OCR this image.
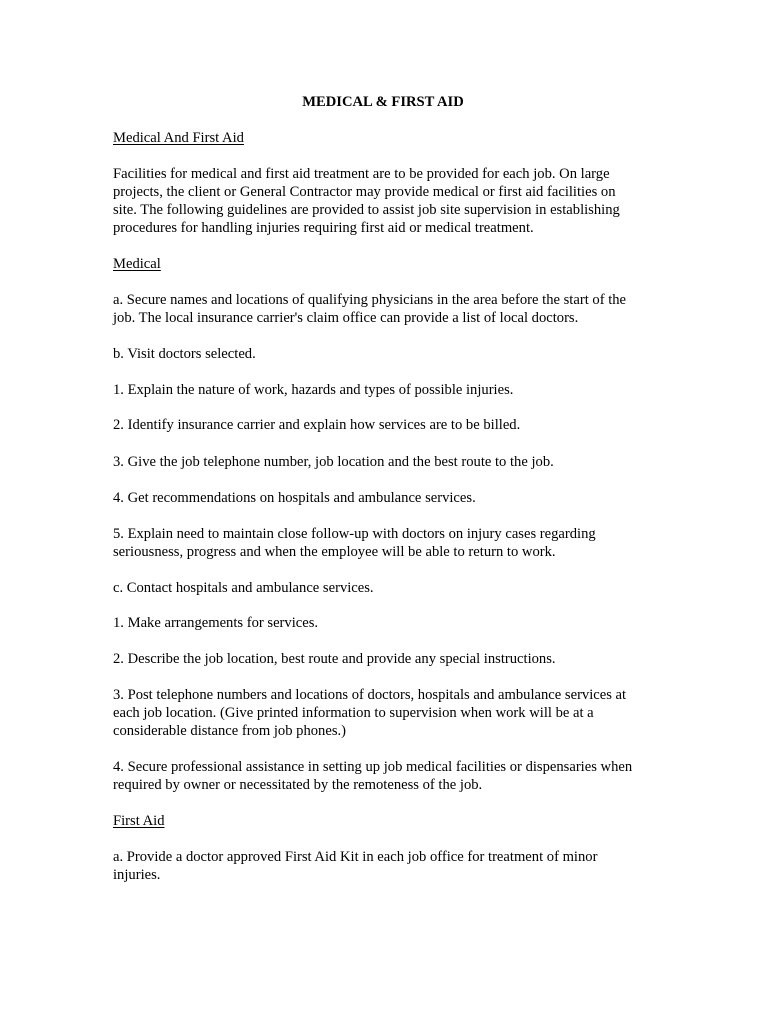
MEDICAL & FIRST AID
Medical And First Aid
Facilities for medical and first aid treatment are to be provided for each job. On large
projects, the client or General Contractor may provide medical or first aid facilities on
site. The following guidelines are provided to assist job site supervision in establishing
procedures for handling injuries requiring first aid or medical treatment.
Medical
a. Secure names and locations of qualifying physicians in the area before the start of the
job. The local insurance carrier's claim office can provide a list of local doctors.
b. Visit doctors selected.
1. Explain the nature of work, hazards and types of possible injuries.
2. Identify insurance carrier and explain how services are to be billed.
3. Give the job telephone number, job location and the best route to the job.
4. Get recommendations on hospitals and ambulance services.
5. Explain need to maintain close follow-up with doctors on injury cases regarding
seriousness, progress and when the employee will be able to return to work.
c. Contact hospitals and ambulance services.
1. Make arrangements for services.
2. Describe the job location, best route and provide any special instructions.
3. Post telephone numbers and locations of doctors, hospitals and ambulance services at
each job location. (Give printed information to supervision when work will be at a
considerable distance from job phones.)
4. Secure professional assistance in setting up job medical facilities or dispensaries when
required by owner or necessitated by the remoteness of the job.
First Aid
a. Provide a doctor approved First Aid Kit in each job office for treatment of minor
injuries.
